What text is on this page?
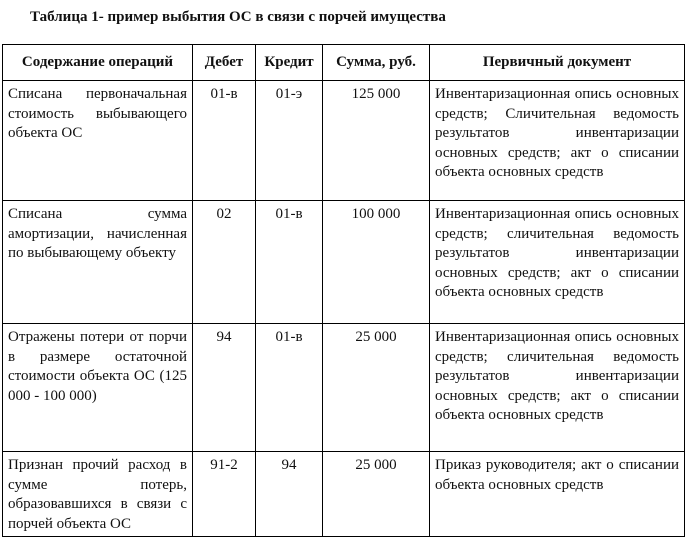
Таблица 1- пример выбытия ОС в связи с порчей имущества
Содержание операций	Дебет	Кредит	Сумма, руб.	Первичный документ
Списана первоначальная стоимость выбывающего объекта ОС	01-в	01-э	125 000	Инвентаризационная опись основных средств; Сличительная ведомость результатов инвентаризации основных средств; акт о списании объекта основных средств
Списана сумма амортизации, начисленная по выбывающему объекту	02	01-в	100 000	Инвентаризационная опись основных средств; сличительная ведомость результатов инвентаризации основных средств; акт о списании объекта основных средств
Отражены потери от порчи в размере остаточной стоимости объекта ОС (125 000 - 100 000)	94	01-в	25 000	Инвентаризационная опись основных средств; сличительная ведомость результатов инвентаризации основных средств; акт о списании объекта основных средств
Признан прочий расход в сумме потерь, образовавшихся в связи с порчей объекта ОС	91-2	94	25 000	Приказ руководителя; акт о списании объекта основных средств
